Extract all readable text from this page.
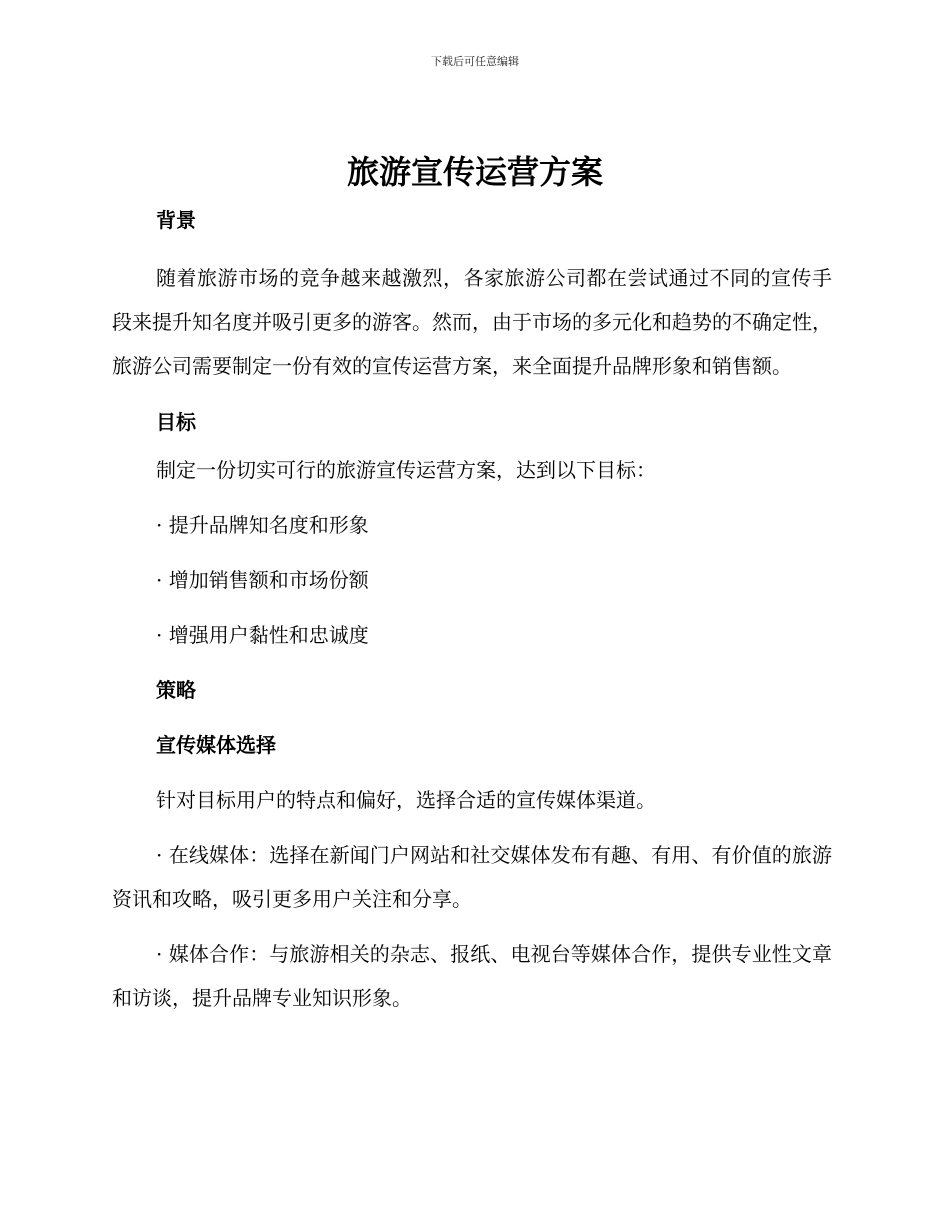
下载后可任意编辑
旅游宣传运营方案
背景

随着旅游市场的竞争越来越激烈，各家旅游公司都在尝试通过不同的宣传手段来提升知名度并吸引更多的游客。然而，由于市场的多元化和趋势的不确定性，旅游公司需要制定一份有效的宣传运营方案，来全面提升品牌形象和销售额。

目标

制定一份切实可行的旅游宣传运营方案，达到以下目标：

· 提升品牌知名度和形象
· 增加销售额和市场份额
· 增强用户黏性和忠诚度
策略
宣传媒体选择

针对目标用户的特点和偏好，选择合适的宣传媒体渠道。

· 在线媒体：选择在新闻门户网站和社交媒体发布有趣、有用、有价值的旅游资讯和攻略，吸引更多用户关注和分享。

· 媒体合作：与旅游相关的杂志、报纸、电视台等媒体合作，提供专业性文章和访谈，提升品牌专业知识形象。
